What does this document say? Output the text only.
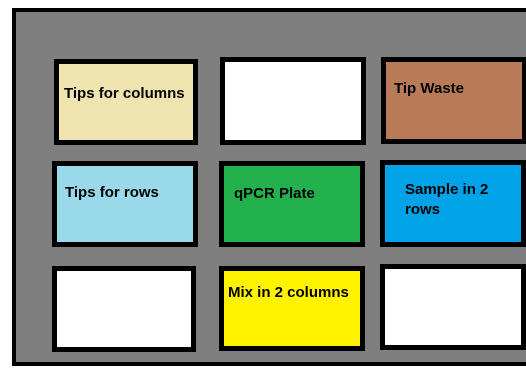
Tips for columns	Tip Waste
Tips for rows	qPCR Plate	Sample in 2
rows
Mix in 2 columns
